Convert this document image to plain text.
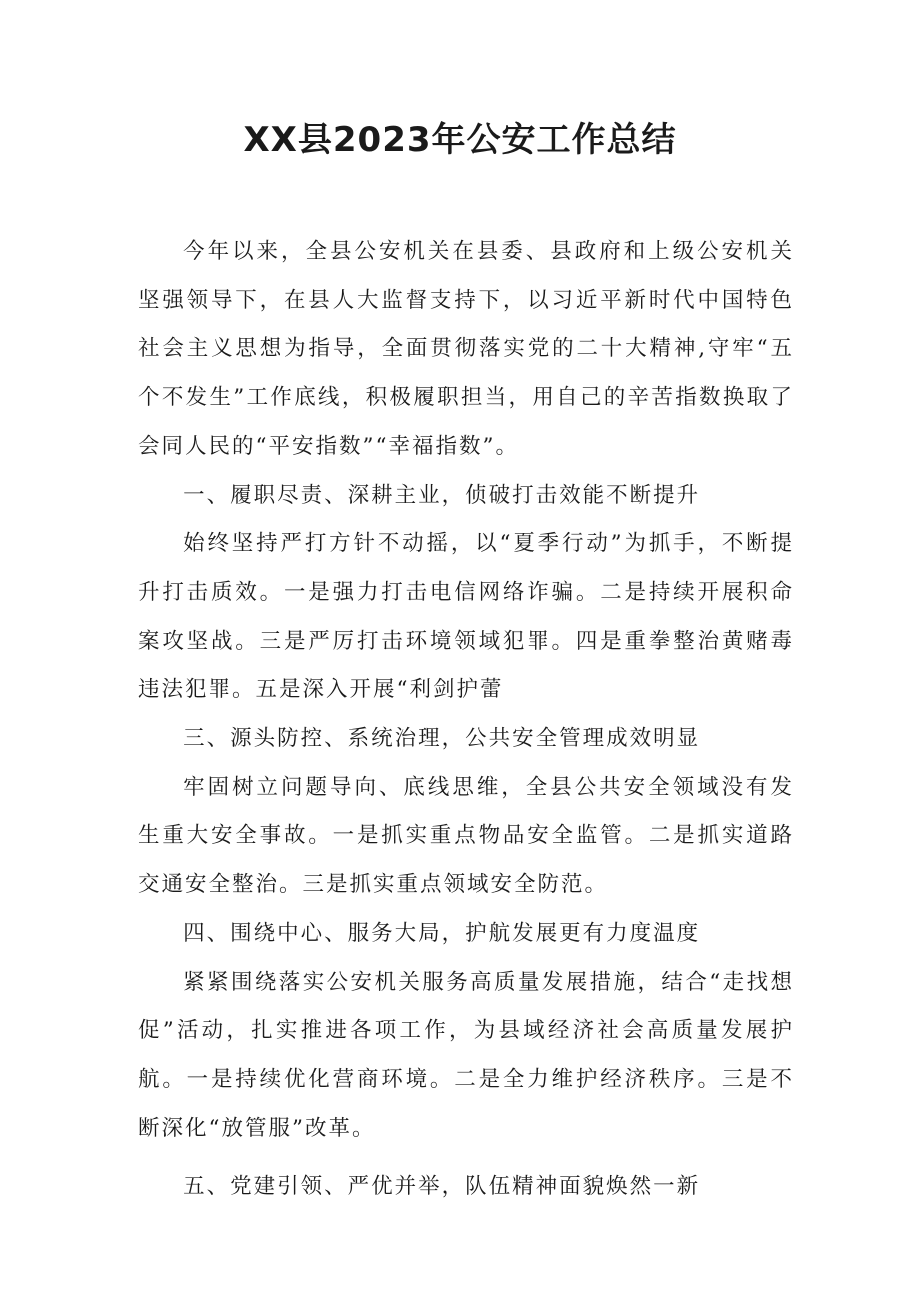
XX县2023年公安工作总结

今年以来，全县公安机关在县委、县政府和上级公安机关坚强领导下，在县人大监督支持下，以习近平新时代中国特色社会主义思想为指导，全面贯彻落实党的二十大精神,守牢“五个不发生”工作底线，积极履职担当，用自己的辛苦指数换取了会同人民的“平安指数”“幸福指数”。

一、履职尽责、深耕主业，侦破打击效能不断提升

始终坚持严打方针不动摇，以“夏季行动”为抓手，不断提升打击质效。一是强力打击电信网络诈骗。二是持续开展积命案攻坚战。三是严厉打击环境领域犯罪。四是重拳整治黄赌毒违法犯罪。五是深入开展“利剑护蕾

三、源头防控、系统治理，公共安全管理成效明显

牢固树立问题导向、底线思维，全县公共安全领域没有发生重大安全事故。一是抓实重点物品安全监管。二是抓实道路交通安全整治。三是抓实重点领域安全防范。

四、围绕中心、服务大局，护航发展更有力度温度

紧紧围绕落实公安机关服务高质量发展措施，结合“走找想促”活动，扎实推进各项工作，为县域经济社会高质量发展护航。一是持续优化营商环境。二是全力维护经济秩序。三是不断深化“放管服”改革。

五、党建引领、严优并举，队伍精神面貌焕然一新
